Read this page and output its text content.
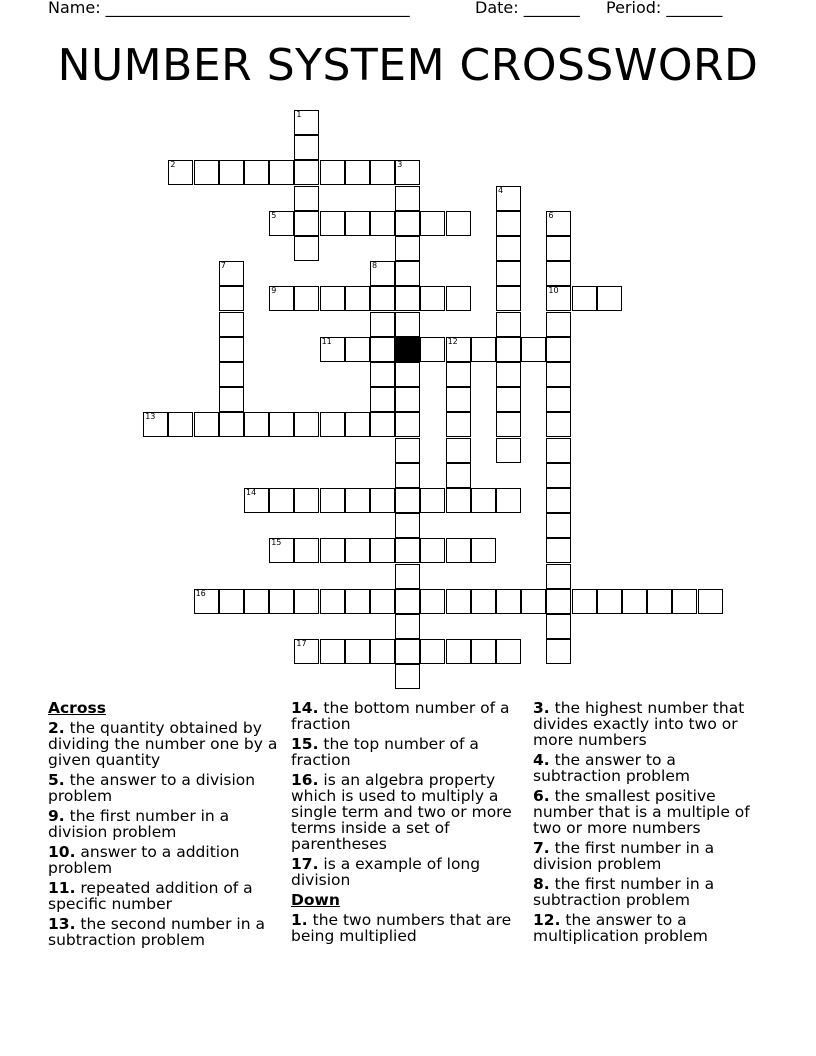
Name: ______________________________________	Date: _______ Period: _______
NUMBER SYSTEM CROSSWORD
2
5
9	10
11	12
13
14
15
16
17
1
3
4
6
7	8
Across
2. the quantity obtained by dividing the number one by a given quantity
5. the answer to a division problem
9. the first number in a division problem
10. answer to a addition problem
11. repeated addition of a specific number
13. the second number in a subtraction problem
14. the bottom number of a fraction
15. the top number of a fraction
16. is an algebra property which is used to multiply a single term and two or more terms inside a set of parentheses
17. is a example of long division
Down
1. the two numbers that are being multiplied
3. the highest number that divides exactly into two or more numbers
4. the answer to a subtraction problem
6. the smallest positive number that is a multiple of two or more numbers
7. the first number in a division problem
8. the first number in a subtraction problem
12. the answer to a multiplication problem
